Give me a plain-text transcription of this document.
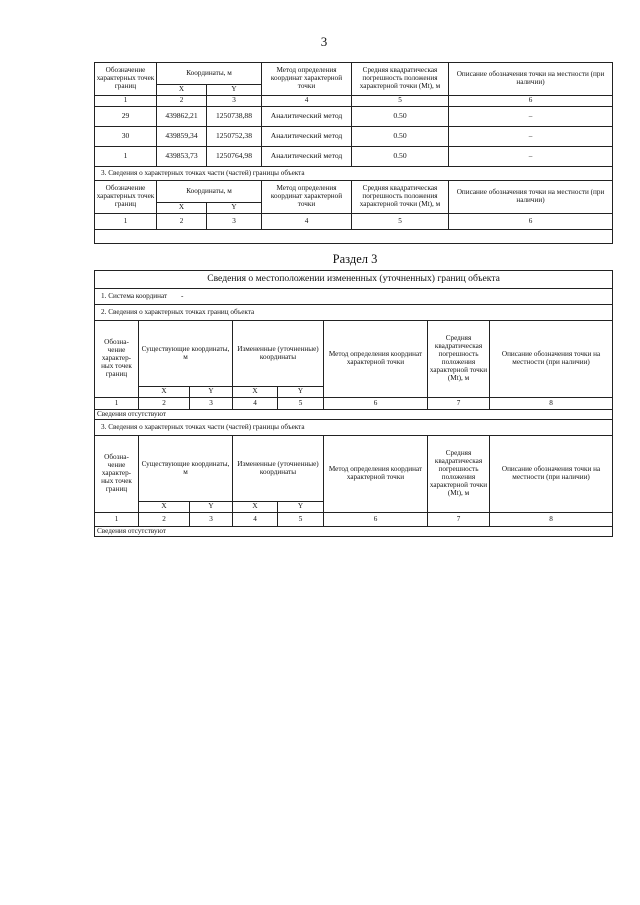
3
Обозначение характерных точек границ	Координаты, м		Метод определения координат характерной точки	Средняя квадратическая погрешность положения характерной точки (Mt), м	Описание обозначения точки на местности (при наличии)
	X	Y			
1	2	3	4	5	6
29	439862,21	1250738,88	Аналитический метод	0.50	–
30	439859,34	1250752,38	Аналитический метод	0.50	–
1	439853,73	1250764,98	Аналитический метод	0.50	–
3. Сведения о характерных точках части (частей) границы объекта					
Обозначение характерных точек границ	Координаты, м		Метод определения координат характерной точки	Средняя квадратическая погрешность положения характерной точки (Mt), м	Описание обозначения точки на местности (при наличии)
	X	Y			
1	2	3	4	5	6

Раздел 3
Сведения о местоположении измененных (уточненных) границ объекта							
1. Система координат -							
2. Сведения о характерных точках границ объекта							
Обозна-чение характер-ных точек границ	Существующие координаты, м		Измененные (уточненные) координаты		Метод определения координат характерной точки	Средняя квадратическая погрешность положения характерной точки (Mt), м	Описание обозначения точки на местности (при наличии)
	X	Y	X	Y			
1	2	3	4	5	6	7	8
Сведения отсутствуют							
3. Сведения о характерных точках части (частей) границы объекта							
Обозна-чение характер-ных точек границ	Существующие координаты, м		Измененные (уточненные) координаты		Метод определения координат характерной точки	Средняя квадратическая погрешность положения характерной точки (Mt), м	Описание обозначения точки на местности (при наличии)
	X	Y	X	Y			
1	2	3	4	5	6	7	8
Сведения отсутствуют							
